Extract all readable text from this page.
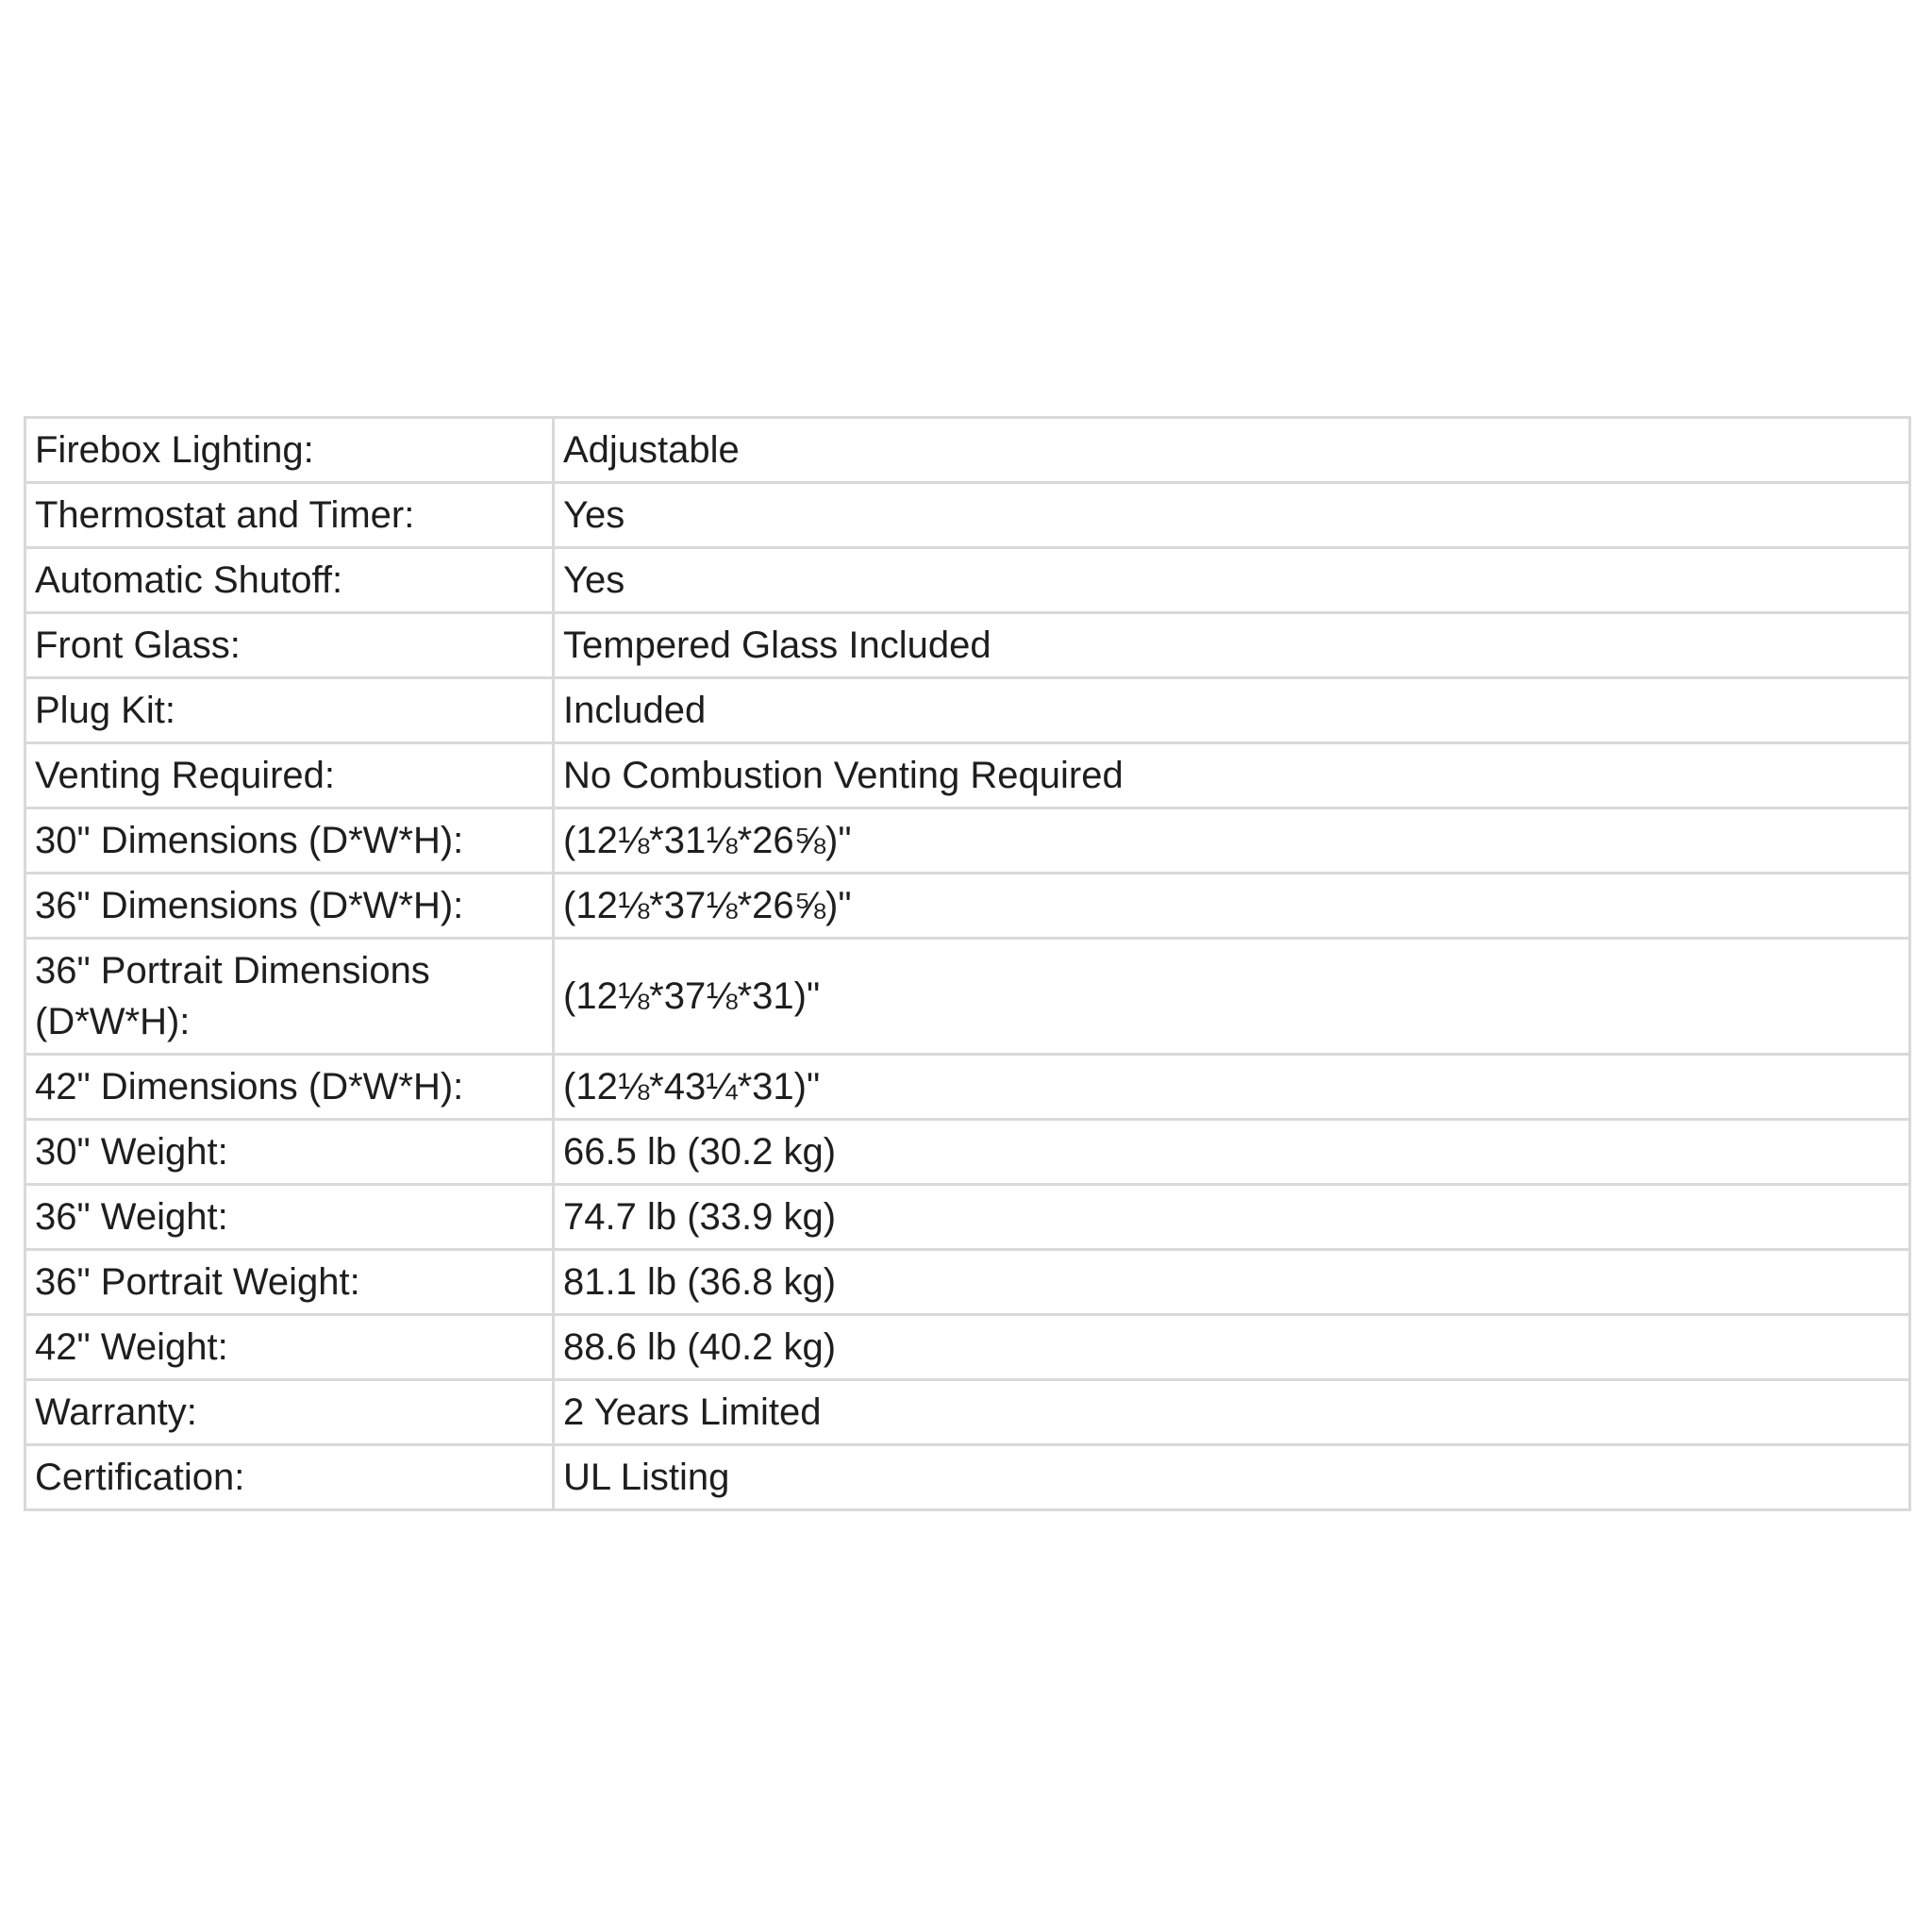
Firebox Lighting:	Adjustable
Thermostat and Timer:	Yes
Automatic Shutoff:	Yes
Front Glass:	Tempered Glass Included
Plug Kit:	Included
Venting Required:	No Combustion Venting Required
30" Dimensions (D*W*H):	(12⅛*31⅛*26⅝)"
36" Dimensions (D*W*H):	(12⅛*37⅛*26⅝)"
36" Portrait Dimensions (D*W*H):	(12⅛*37⅛*31)"
42" Dimensions (D*W*H):	(12⅛*43¼*31)"
30" Weight:	66.5 lb (30.2 kg)
36" Weight:	74.7 lb (33.9 kg)
36" Portrait Weight:	81.1 lb (36.8 kg)
42" Weight:	88.6 lb (40.2 kg)
Warranty:	2 Years Limited
Certification:	UL Listing
